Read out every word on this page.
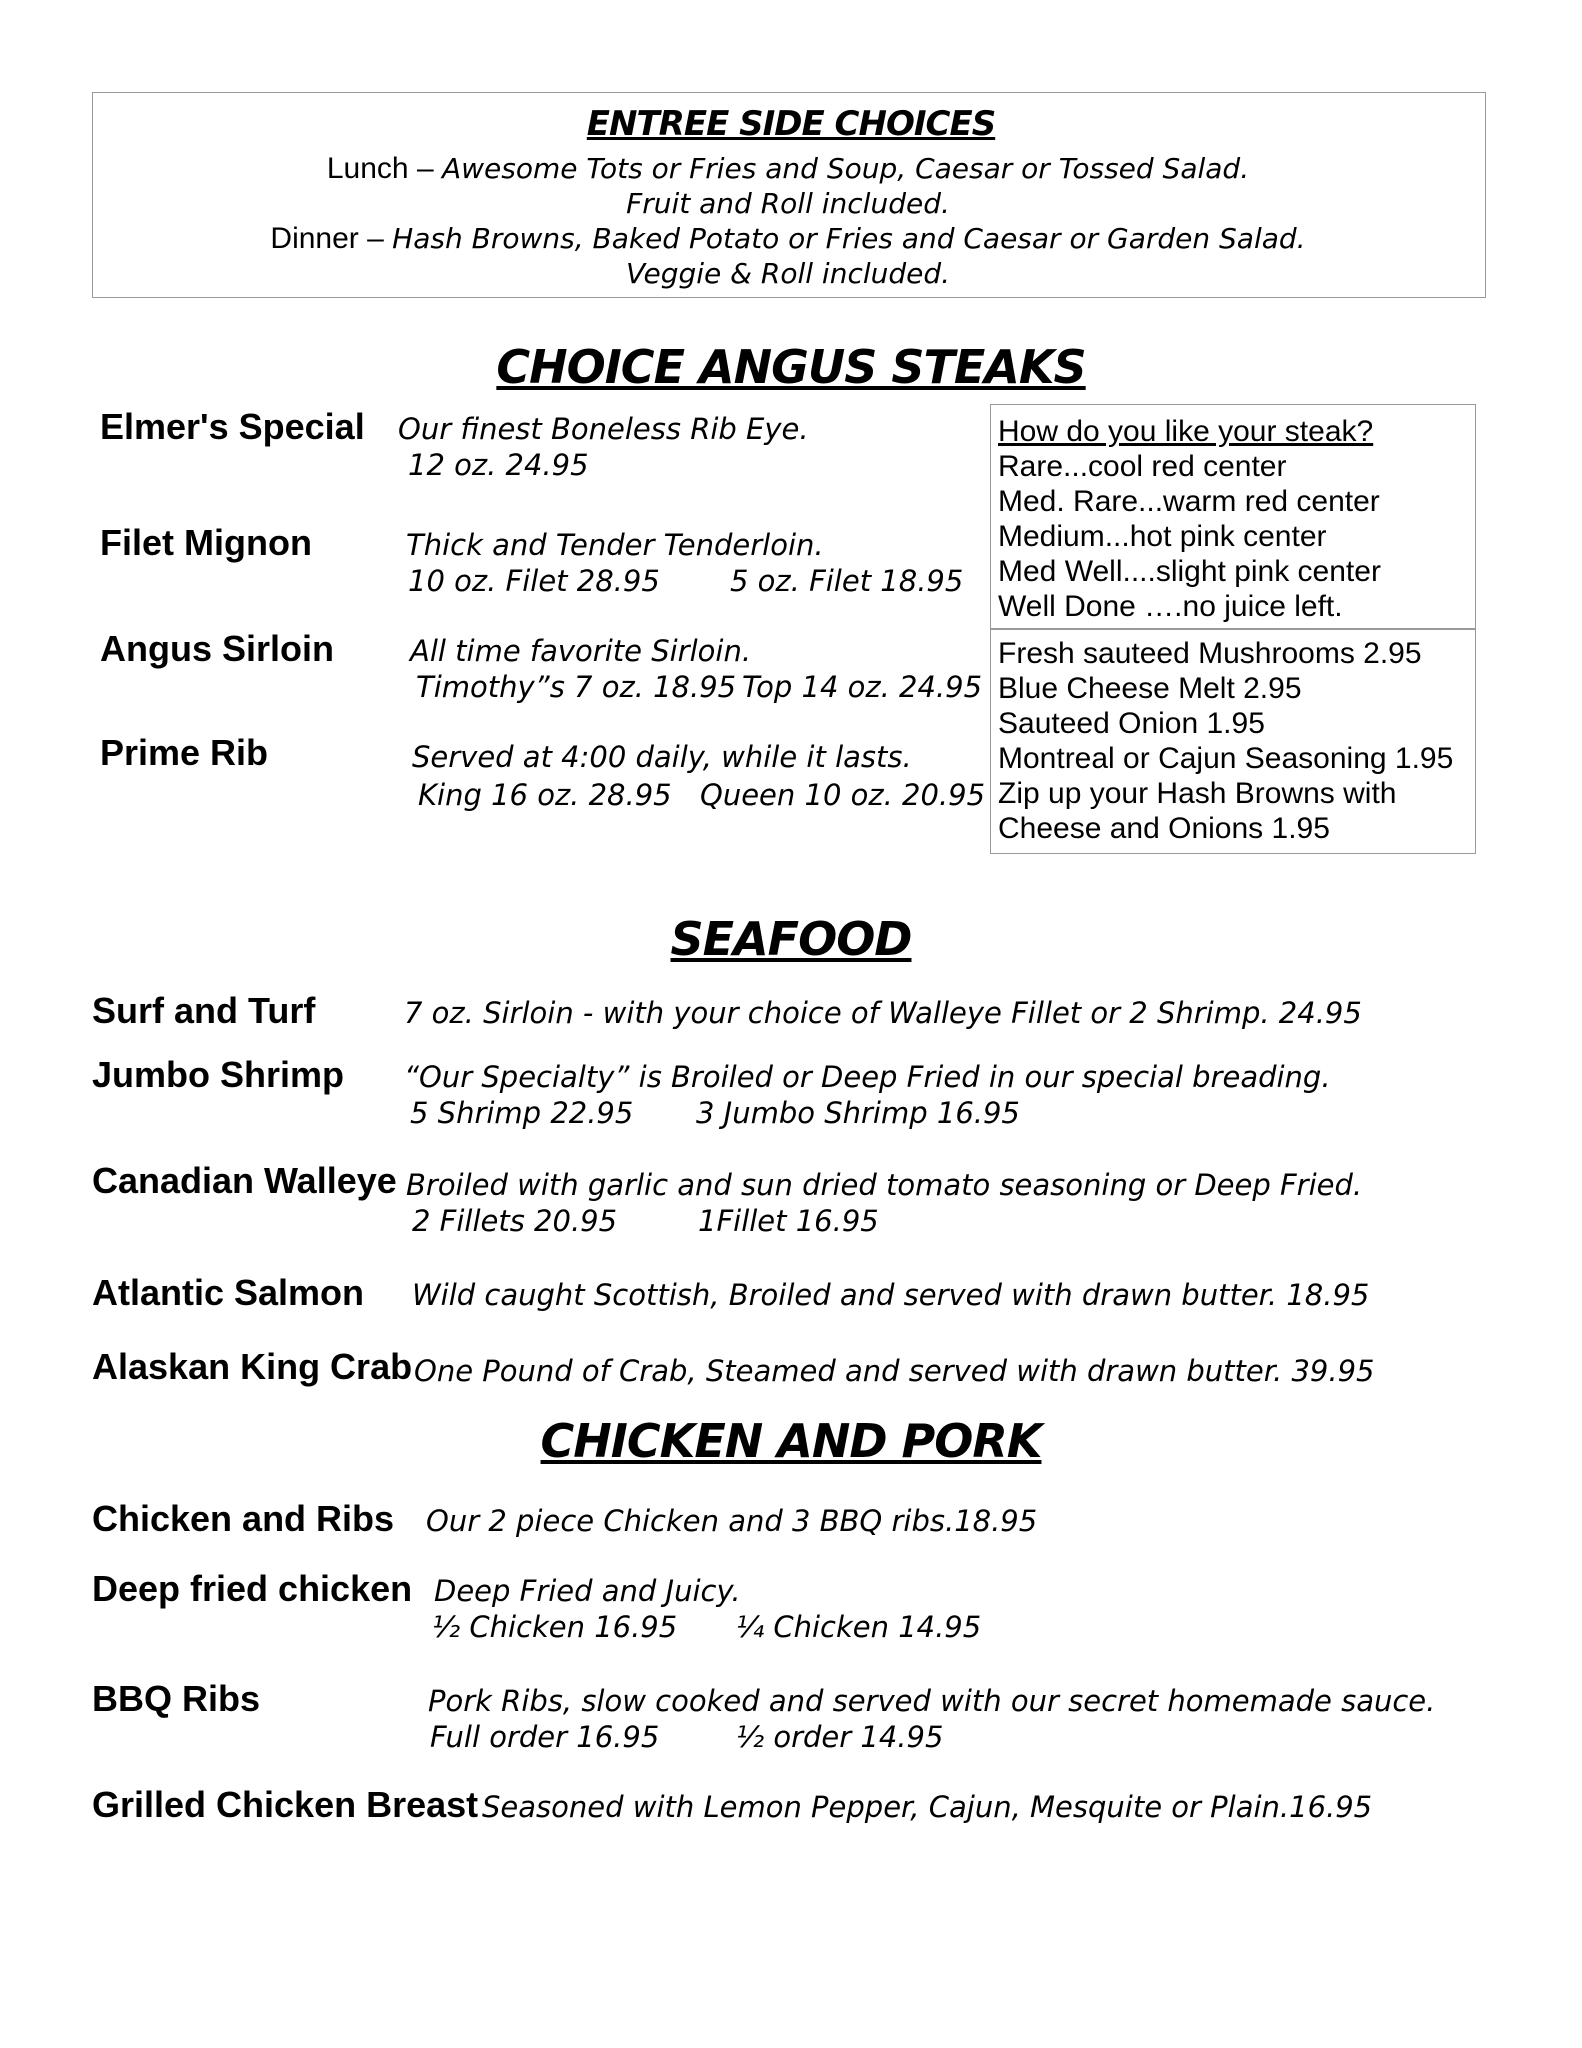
ENTREE SIDE CHOICES
Lunch – Awesome Tots or Fries and Soup, Caesar or Tossed Salad.
Fruit and Roll included.
Dinner – Hash Browns, Baked Potato or Fries and Caesar or Garden Salad.
Veggie & Roll included.
CHOICE ANGUS STEAKS
Elmer's Special Our finest Boneless Rib Eye.
12 oz. 24.95
Filet Mignon	Thick and Tender Tenderloin.
10 oz. Filet 28.95 5 oz. Filet 18.95
Angus Sirloin	All time favorite Sirloin.
Timothy”s 7 oz. 18.95 Top 14 oz. 24.95
Prime Rib	Served at 4:00 daily, while it lasts.
King 16 oz. 28.95 Queen 10 oz. 20.95
How do you like your steak?
Rare...cool red center
Med. Rare...warm red center
Medium...hot pink center
Med Well....slight pink center
Well Done ….no juice left.
Fresh sauteed Mushrooms 2.95
Blue Cheese Melt 2.95
Sauteed Onion 1.95
Montreal or Cajun Seasoning 1.95
Zip up your Hash Browns with
Cheese and Onions 1.95
SEAFOOD
Surf and Turf	7 oz. Sirloin - with your choice of Walleye Fillet or 2 Shrimp. 24.95
Jumbo Shrimp “Our Specialty” is Broiled or Deep Fried in our special breading.
5 Shrimp 22.95 3 Jumbo Shrimp 16.95
Canadian Walleye Broiled with garlic and sun dried tomato seasoning or Deep Fried.
2 Fillets 20.95	1Fillet 16.95
Atlantic Salmon Wild caught Scottish, Broiled and served with drawn butter. 18.95
Alaskan King Crab One Pound of Crab, Steamed and served with drawn butter. 39.95
CHICKEN AND PORK
Chicken and Ribs Our 2 piece Chicken and 3 BBQ ribs.18.95
Deep fried chicken Deep Fried and Juicy.
½ Chicken 16.95 ¼ Chicken 14.95
BBQ Ribs	Pork Ribs, slow cooked and served with our secret homemade sauce.
Full order 16.95	½ order 14.95
Grilled Chicken Breast Seasoned with Lemon Pepper, Cajun, Mesquite or Plain.16.95
